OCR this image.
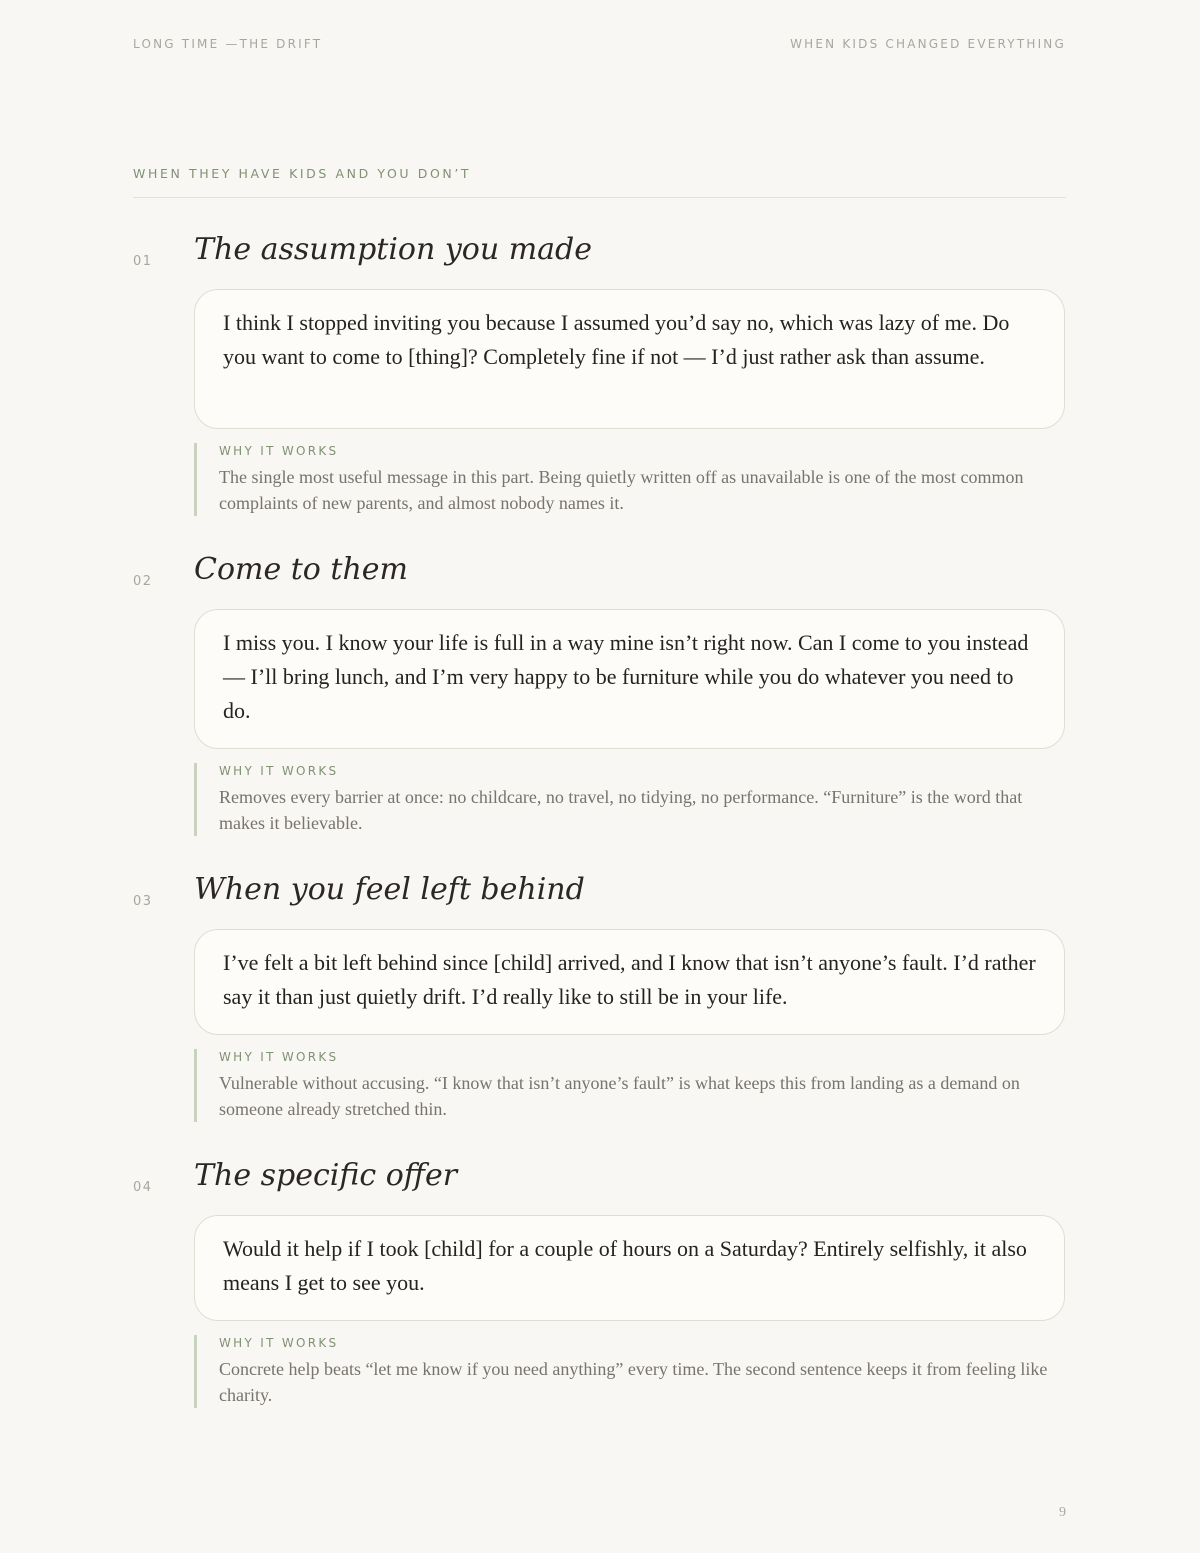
LONG TIME —THE DRIFT	WHEN KIDS CHANGED EVERYTHING
WHEN THEY HAVE KIDS AND YOU DON’T
01 The assumption you made
I think I stopped inviting you because I assumed you’d say no, which was lazy of me. Do you want to come to [thing]? Completely fine if not — I’d just rather ask than assume.
WHY IT WORKS
The single most useful message in this part. Being quietly written off as unavailable is one of the most common complaints of new parents, and almost nobody names it.
02 Come to them
I miss you. I know your life is full in a way mine isn’t right now. Can I come to you instead — I’ll bring lunch, and I’m very happy to be furniture while you do whatever you need to do.
WHY IT WORKS
Removes every barrier at once: no childcare, no travel, no tidying, no performance. “Furniture” is the word that makes it believable.
03 When you feel left behind
I’ve felt a bit left behind since [child] arrived, and I know that isn’t anyone’s fault. I’d rather say it than just quietly drift. I’d really like to still be in your life.
WHY IT WORKS
Vulnerable without accusing. “I know that isn’t anyone’s fault” is what keeps this from landing as a demand on someone already stretched thin.
04 The specific offer
Would it help if I took [child] for a couple of hours on a Saturday? Entirely selfishly, it also means I get to see you.
WHY IT WORKS
Concrete help beats “let me know if you need anything” every time. The second sentence keeps it from feeling like charity.
9
